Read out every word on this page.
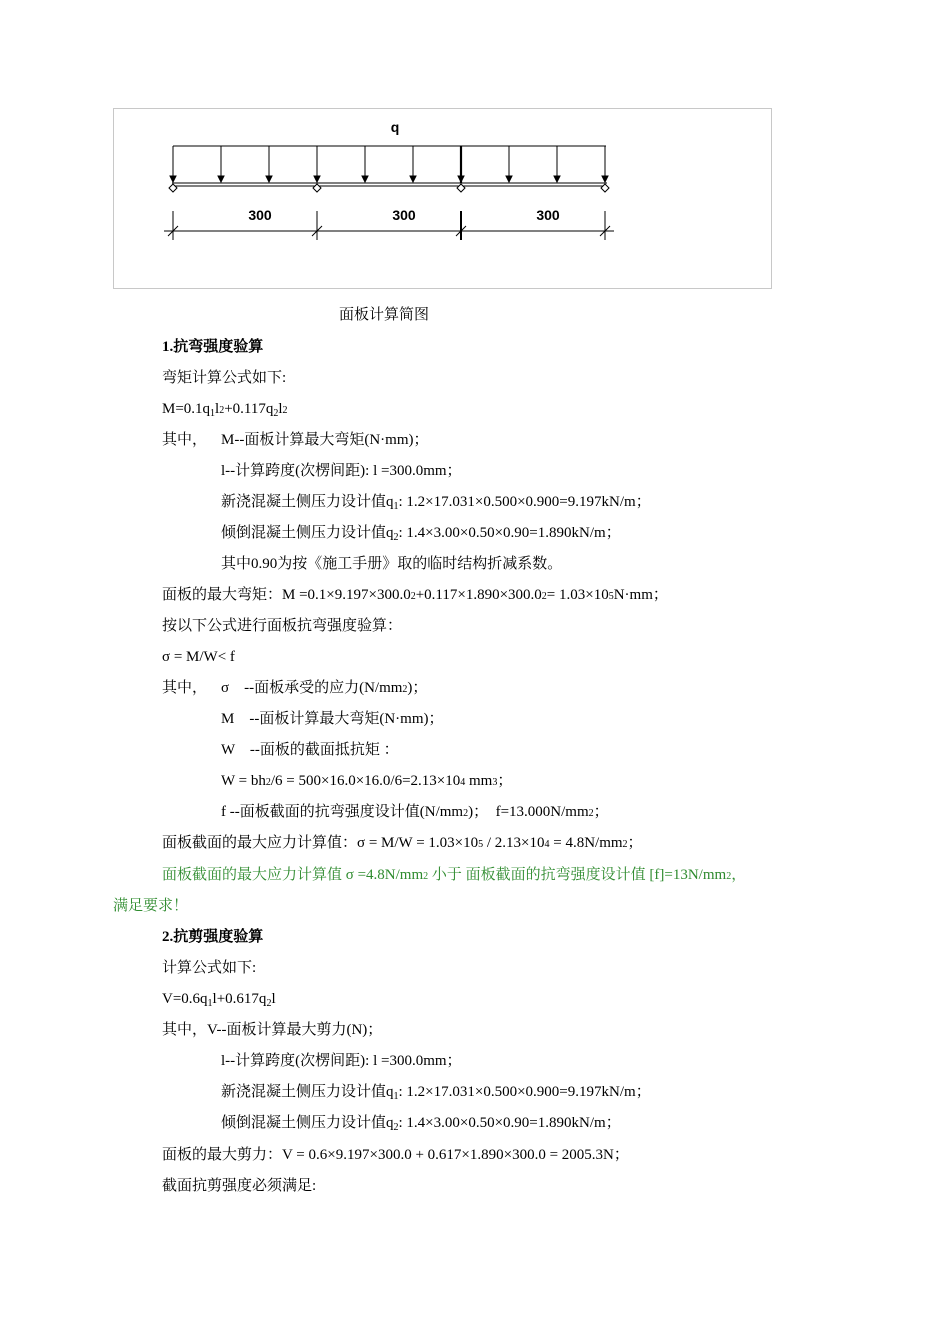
q
300	300	300
面板计算简图
1.抗弯强度验算
弯矩计算公式如下:
$M=0.1q_1l2+0.117q_2l2$
其中， M--面板计算最大弯矩(N·mm)；
l--计算跨度(次楞间距): l =300.0mm；
新浇混凝土侧压力设计值$q_1$: 1.2×17.031×0.500×0.900=9.197kN/m；
倾倒混凝土侧压力设计值$q_2$: 1.4×3.00×0.50×0.90=1.890kN/m；
其中0.90为按《施工手册》取的临时结构折减系数。
面板的最大弯矩：M =0.1×9.197×300.02+0.117×1.890×300.02= 1.03×105N·mm；
按以下公式进行面板抗弯强度验算：
σ = M/W< f
其中， σ　--面板承受的应力(N/mm2)；
M　--面板计算最大弯矩(N·mm)；
W　--面板的截面抵抗矩 ：
W = bh2/6 = 500×16.0×16.0/6=2.13×104 mm3；
f --面板截面的抗弯强度设计值(N/mm2)；　f=13.000N/mm2；
面板截面的最大应力计算值：σ = M/W = 1.03×105 / 2.13×104 = 4.8N/mm2；
面板截面的最大应力计算值 σ =4.8N/mm2 小于 面板截面的抗弯强度设计值 [f]=13N/mm2，
满足要求！
2.抗剪强度验算
计算公式如下:
$V=0.6q_1l+0.617q_2l$
其中，V--面板计算最大剪力(N)；
l--计算跨度(次楞间距): l =300.0mm；
新浇混凝土侧压力设计值$q_1$: 1.2×17.031×0.500×0.900=9.197kN/m；
倾倒混凝土侧压力设计值$q_2$: 1.4×3.00×0.50×0.90=1.890kN/m；
面板的最大剪力：V = 0.6×9.197×300.0 + 0.617×1.890×300.0 = 2005.3N；
截面抗剪强度必须满足:
